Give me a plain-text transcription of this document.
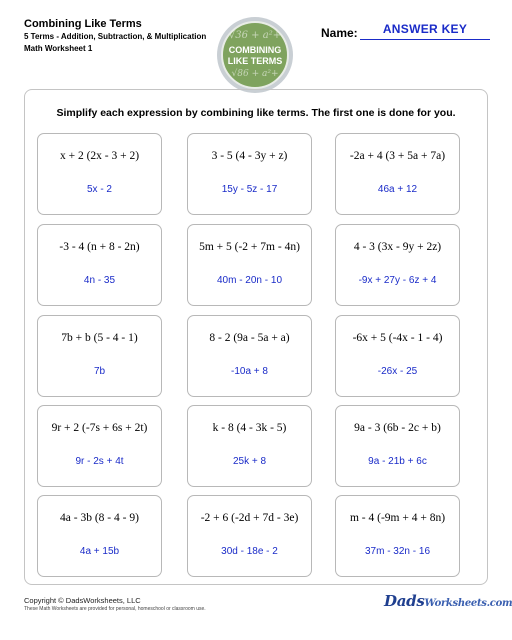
Combining Like Terms
5 Terms - Addition, Subtraction, & Multiplication
Math Worksheet 1
√36 + a²+
COMBINING
LIKE TERMS
√86 + a²+
Name:	ANSWER KEY
Simplify each expression by combining like terms. The first one is done for you.
x + 2 (2x - 3 + 2)
5x - 2
3 - 5 (4 - 3y + z)
15y - 5z - 17
-2a + 4 (3 + 5a + 7a)
46a + 12
-3 - 4 (n + 8 - 2n)
4n - 35
5m + 5 (-2 + 7m - 4n)
40m - 20n - 10
4 - 3 (3x - 9y + 2z)
-9x + 27y - 6z + 4
7b + b (5 - 4 - 1)
7b
8 - 2 (9a - 5a + a)
-10a + 8
-6x + 5 (-4x - 1 - 4)
-26x - 25
9r + 2 (-7s + 6s + 2t)
9r - 2s + 4t
k - 8 (4 - 3k - 5)
25k + 8
9a - 3 (6b - 2c + b)
9a - 21b + 6c
4a - 3b (8 - 4 - 9)
4a + 15b
-2 + 6 (-2d + 7d - 3e)
30d - 18e - 2
m - 4 (-9m + 4 + 8n)
37m - 32n - 16
Copyright © DadsWorksheets, LLC
These Math Worksheets are provided for personal, homeschool or classroom use.	DadsWorksheets.com
